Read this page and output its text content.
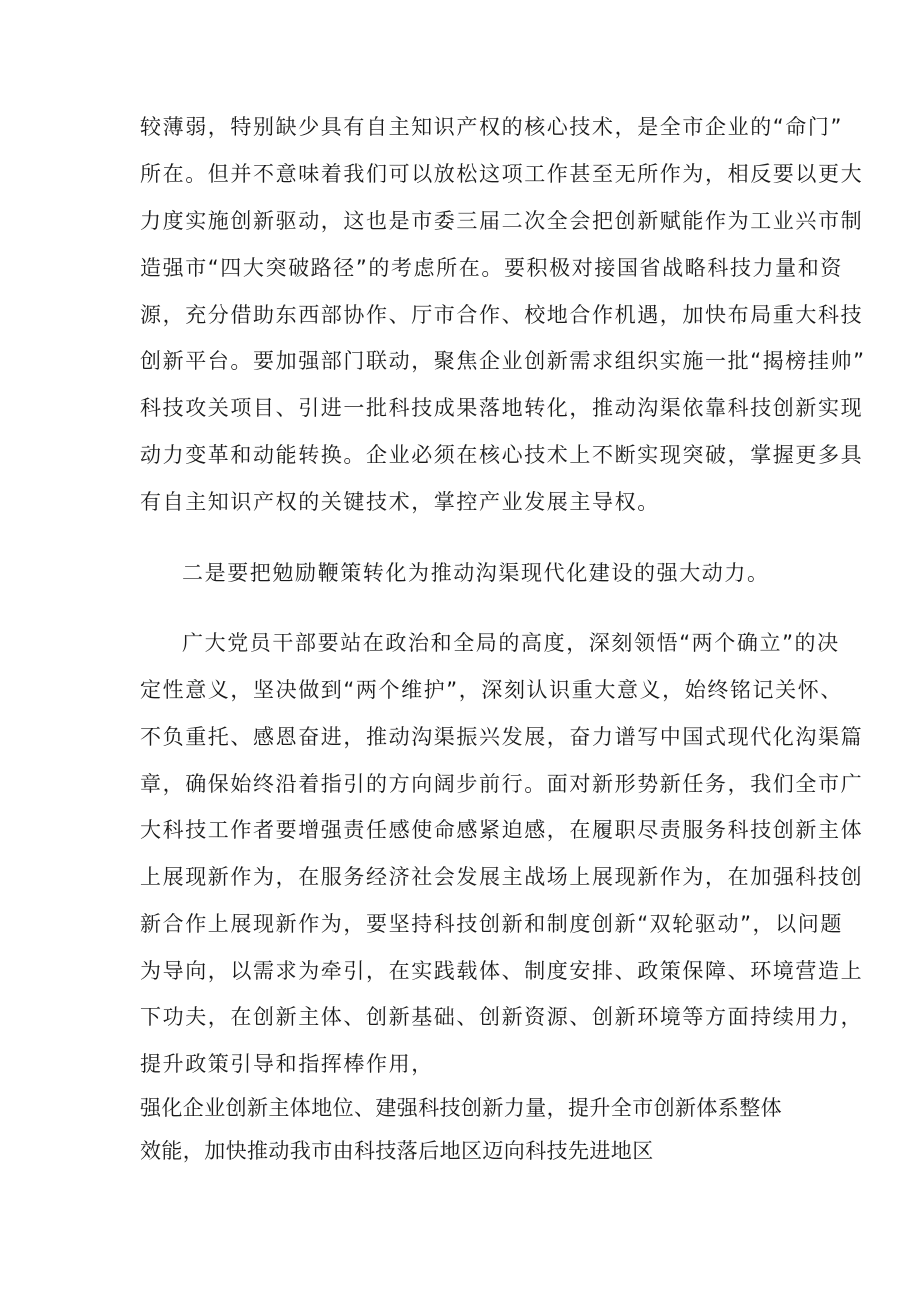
较薄弱，特别缺少具有自主知识产权的核心技术，是全市企业的“命门”
所在。但并不意味着我们可以放松这项工作甚至无所作为，相反要以更大
力度实施创新驱动，这也是市委三届二次全会把创新赋能作为工业兴市制
造强市“四大突破路径”的考虑所在。要积极对接国省战略科技力量和资
源，充分借助东西部协作、厅市合作、校地合作机遇，加快布局重大科技
创新平台。要加强部门联动，聚焦企业创新需求组织实施一批“揭榜挂帅”
科技攻关项目、引进一批科技成果落地转化，推动沟渠依靠科技创新实现
动力变革和动能转换。企业必须在核心技术上不断实现突破，掌握更多具
有自主知识产权的关键技术，掌控产业发展主导权。
二是要把勉励鞭策转化为推动沟渠现代化建设的强大动力。
广大党员干部要站在政治和全局的高度，深刻领悟“两个确立”的决
定性意义，坚决做到“两个维护”，深刻认识重大意义，始终铭记关怀、
不负重托、感恩奋进，推动沟渠振兴发展，奋力谱写中国式现代化沟渠篇
章，确保始终沿着指引的方向阔步前行。面对新形势新任务，我们全市广
大科技工作者要增强责任感使命感紧迫感，在履职尽责服务科技创新主体
上展现新作为，在服务经济社会发展主战场上展现新作为，在加强科技创
新合作上展现新作为，要坚持科技创新和制度创新“双轮驱动”，以问题
为导向，以需求为牵引，在实践载体、制度安排、政策保障、环境营造上
下功夫，在创新主体、创新基础、创新资源、创新环境等方面持续用力，
提升政策引导和指挥棒作用，
强化企业创新主体地位、建强科技创新力量，提升全市创新体系整体
效能，加快推动我市由科技落后地区迈向科技先进地区
